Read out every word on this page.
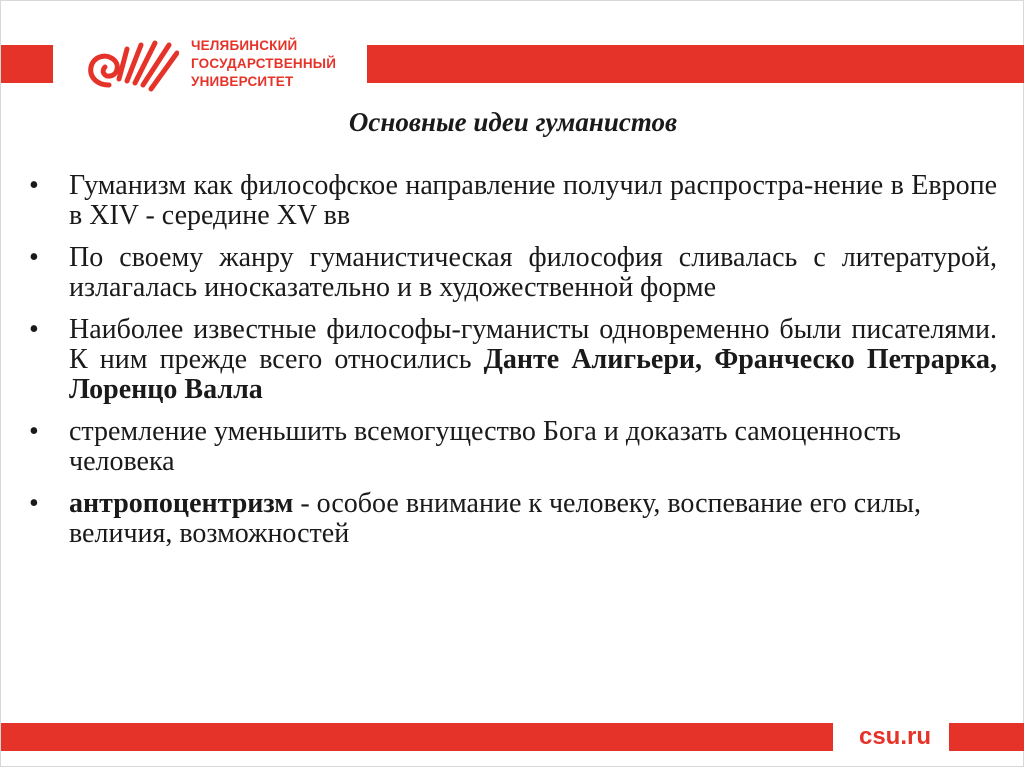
ЧЕЛЯБИНСКИЙ
ГОСУДАРСТВЕННЫЙ
УНИВЕРСИТЕТ
Основные идеи гуманистов
•	Гуманизм как философское направление получил распростра-нение в Европе в XIV - середине XV вв
•	По своему жанру гуманистическая философия сливалась с литературой, излагалась иносказательно и в художественной форме
•	Наиболее известные философы-гуманисты одновременно были писателями. К ним прежде всего относились Данте Алигьери, Франческо Петрарка, Лоренцо Валла
•	стремление уменьшить всемогущество Бога и доказать самоценность человека
•	антропоцентризм - особое внимание к человеку, воспевание его силы, величия, возможностей
csu.ru
